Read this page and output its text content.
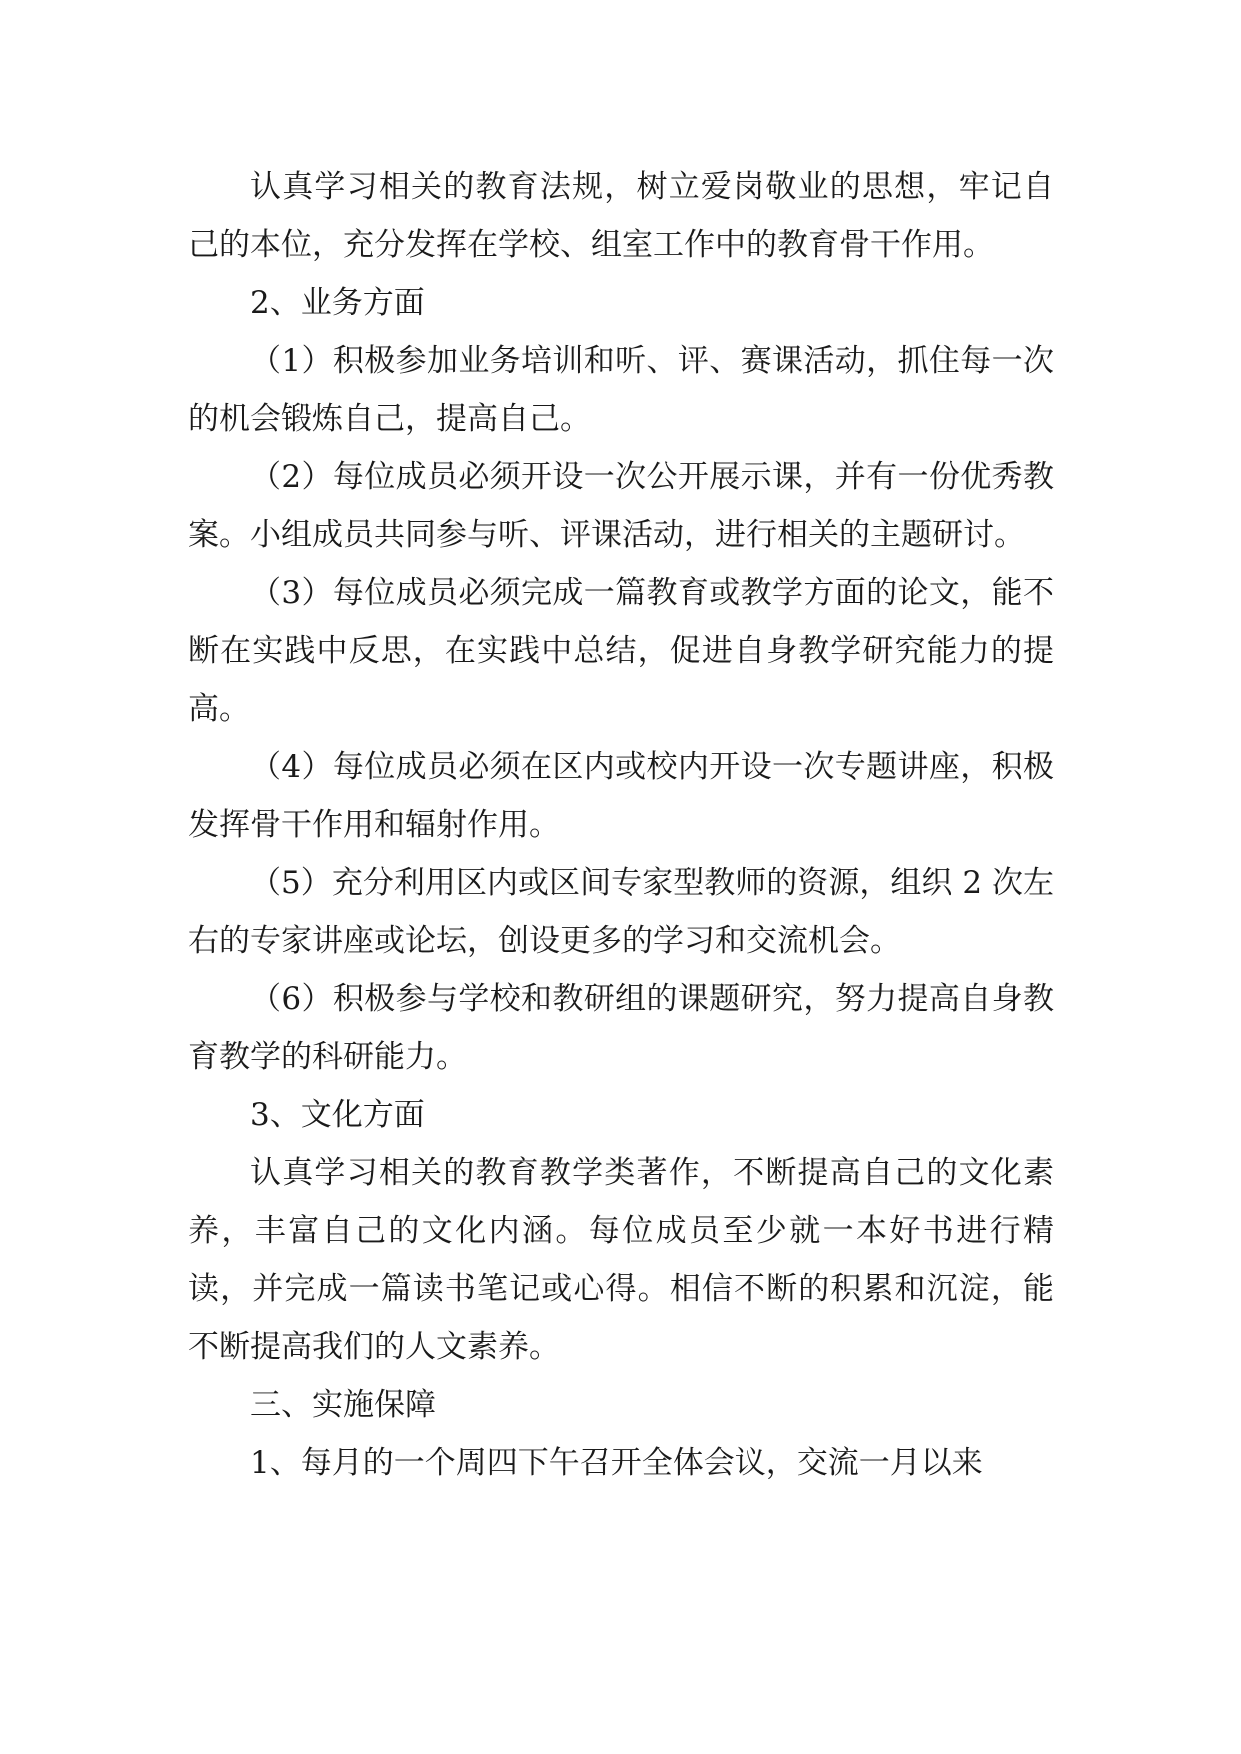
认真学习相关的教育法规，树立爱岗敬业的思想，牢记自己的本位，充分发挥在学校、组室工作中的教育骨干作用。

2、业务方面

（1）积极参加业务培训和听、评、赛课活动，抓住每一次的机会锻炼自己，提高自己。

（2）每位成员必须开设一次公开展示课，并有一份优秀教案。小组成员共同参与听、评课活动，进行相关的主题研讨。

（3）每位成员必须完成一篇教育或教学方面的论文，能不断在实践中反思，在实践中总结，促进自身教学研究能力的提高。

（4）每位成员必须在区内或校内开设一次专题讲座，积极发挥骨干作用和辐射作用。

（5）充分利用区内或区间专家型教师的资源，组织 2 次左右的专家讲座或论坛，创设更多的学习和交流机会。

（6）积极参与学校和教研组的课题研究，努力提高自身教育教学的科研能力。

3、文化方面

认真学习相关的教育教学类著作，不断提高自己的文化素养，丰富自己的文化内涵。每位成员至少就一本好书进行精读，并完成一篇读书笔记或心得。相信不断的积累和沉淀，能不断提高我们的人文素养。

三、实施保障

1、每月的一个周四下午召开全体会议，交流一月以来
